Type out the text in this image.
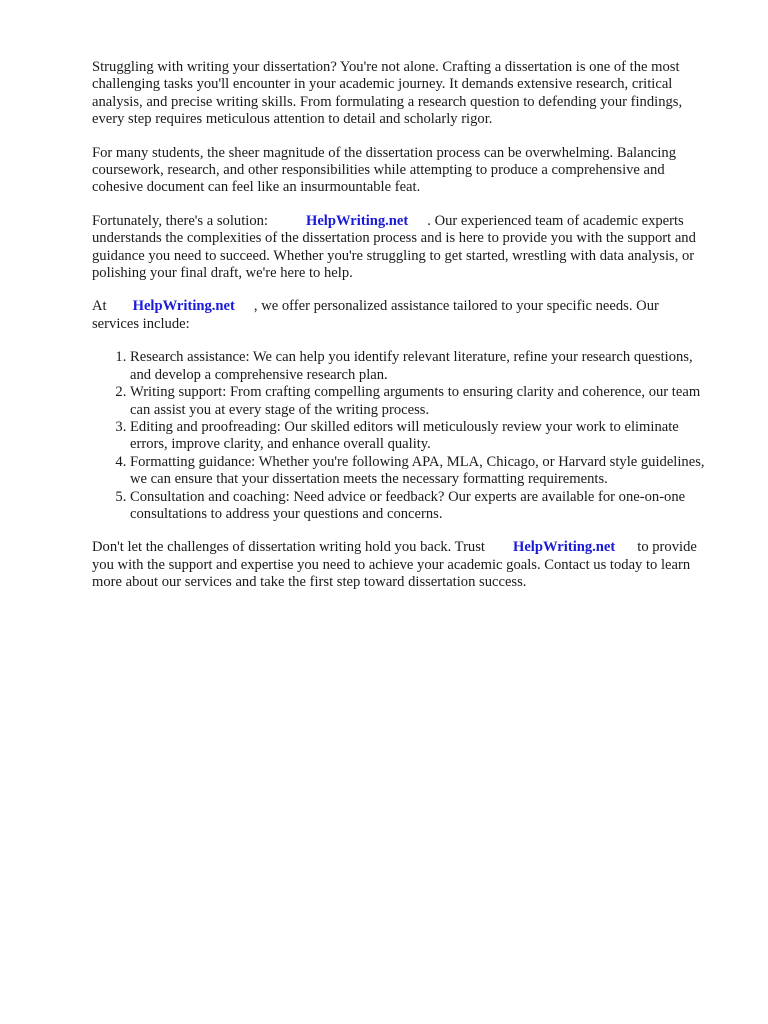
Struggling with writing your dissertation? You're not alone. Crafting a dissertation is one of the most challenging tasks you'll encounter in your academic journey. It demands extensive research, critical analysis, and precise writing skills. From formulating a research question to defending your findings, every step requires meticulous attention to detail and scholarly rigor.

For many students, the sheer magnitude of the dissertation process can be overwhelming. Balancing coursework, research, and other responsibilities while attempting to produce a comprehensive and cohesive document can feel like an insurmountable feat.

Fortunately, there's a solution:	HelpWriting.net . Our experienced team of academic experts understands the complexities of the dissertation process and is here to provide you with the support and guidance you need to succeed. Whether you're struggling to get started, wrestling with data analysis, or polishing your final draft, we're here to help.

At HelpWriting.net , we offer personalized assistance tailored to your specific needs. Our services include:

1. Research assistance: We can help you identify relevant literature, refine your research questions, and develop a comprehensive research plan.
2. Writing support: From crafting compelling arguments to ensuring clarity and coherence, our team can assist you at every stage of the writing process.
3. Editing and proofreading: Our skilled editors will meticulously review your work to eliminate errors, improve clarity, and enhance overall quality.
4. Formatting guidance: Whether you're following APA, MLA, Chicago, or Harvard style guidelines, we can ensure that your dissertation meets the necessary formatting requirements.
5. Consultation and coaching: Need advice or feedback? Our experts are available for one-on-one consultations to address your questions and concerns.

Don't let the challenges of dissertation writing hold you back. Trust HelpWriting.net to provide you with the support and expertise you need to achieve your academic goals. Contact us today to learn more about our services and take the first step toward dissertation success.
